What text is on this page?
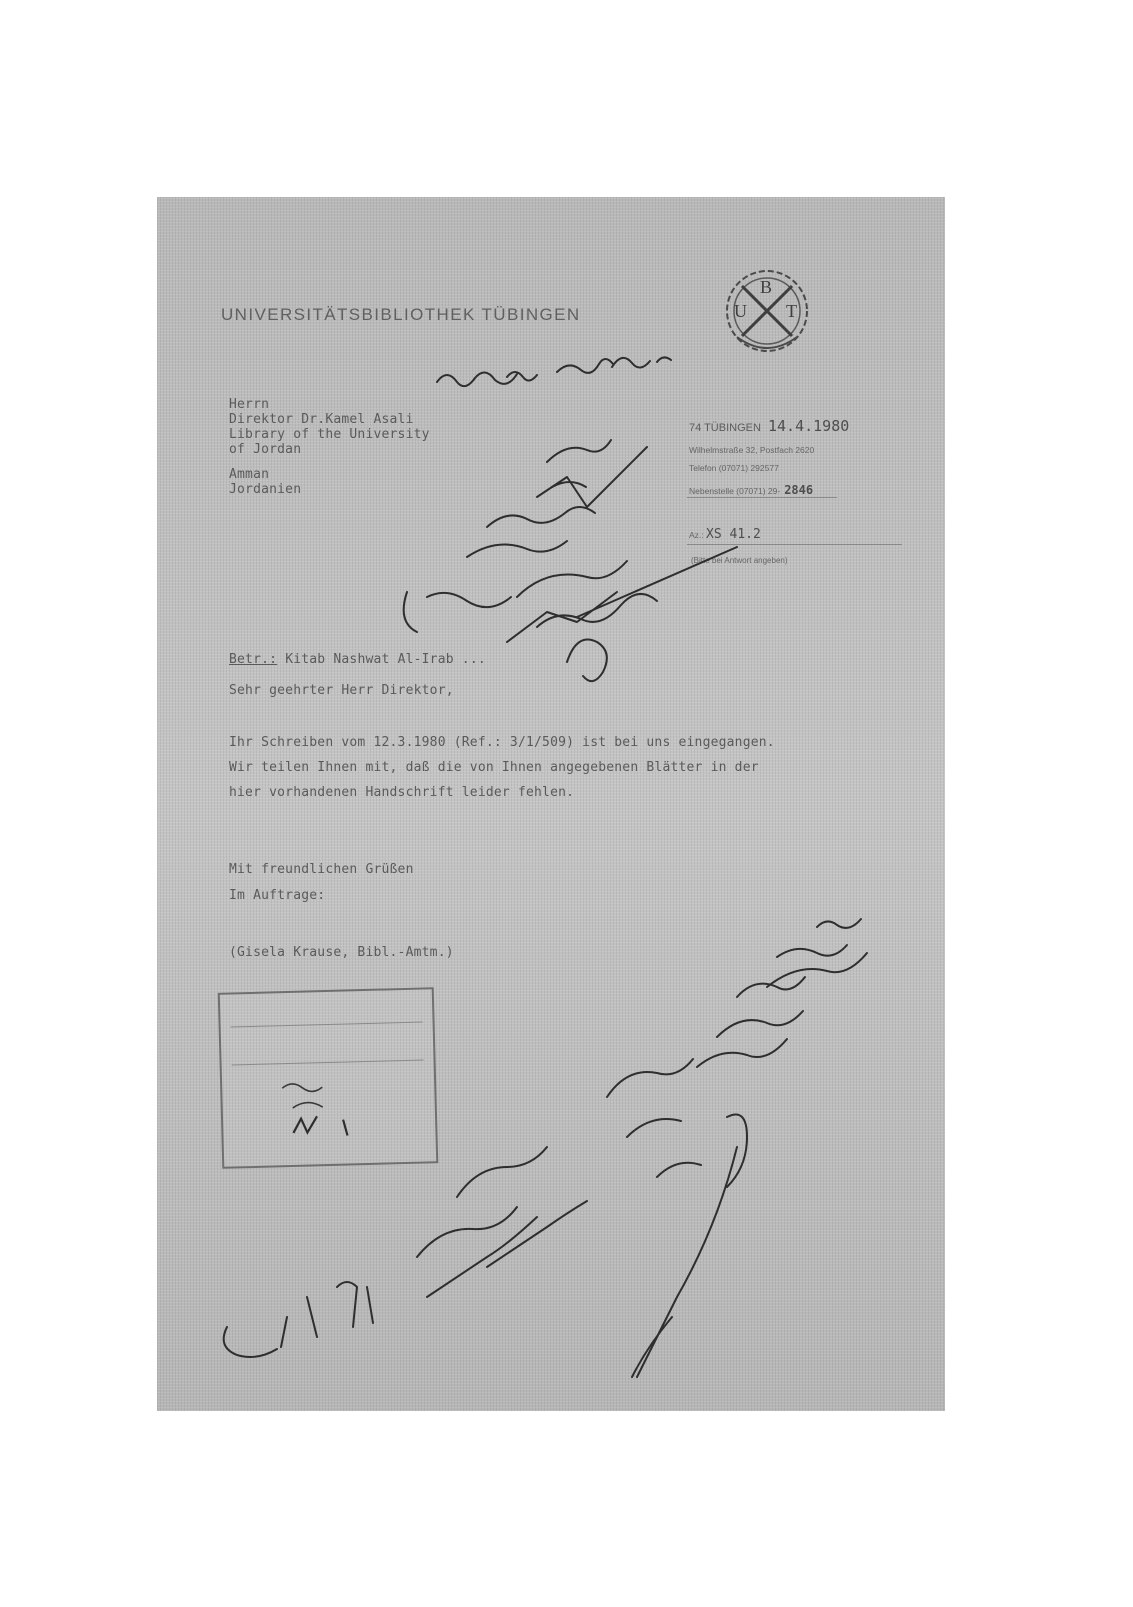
UNIVERSITÄTSBIBLIOTHEK TÜBINGEN
B
U T
Herrn
Direktor Dr.Kamel Asali
Library of the University
of Jordan
Amman
Jordanien
74 TÜBINGEN 14.4.1980
Wilhelmstraße 32, Postfach 2620
Telefon (07071) 292577
Nebenstelle (07071) 29- 2846
Az.: XS 41.2
(Bitte bei Antwort angeben)
Betr.: Kitab Nashwat Al-Irab ...
Sehr geehrter Herr Direktor,
Ihr Schreiben vom 12.3.1980 (Ref.: 3/1/509) ist bei uns eingegangen.
Wir teilen Ihnen mit, daß die von Ihnen angegebenen Blätter in der
hier vorhandenen Handschrift leider fehlen.
Mit freundlichen Grüßen
Im Auftrage:
(Gisela Krause, Bibl.-Amtm.)
